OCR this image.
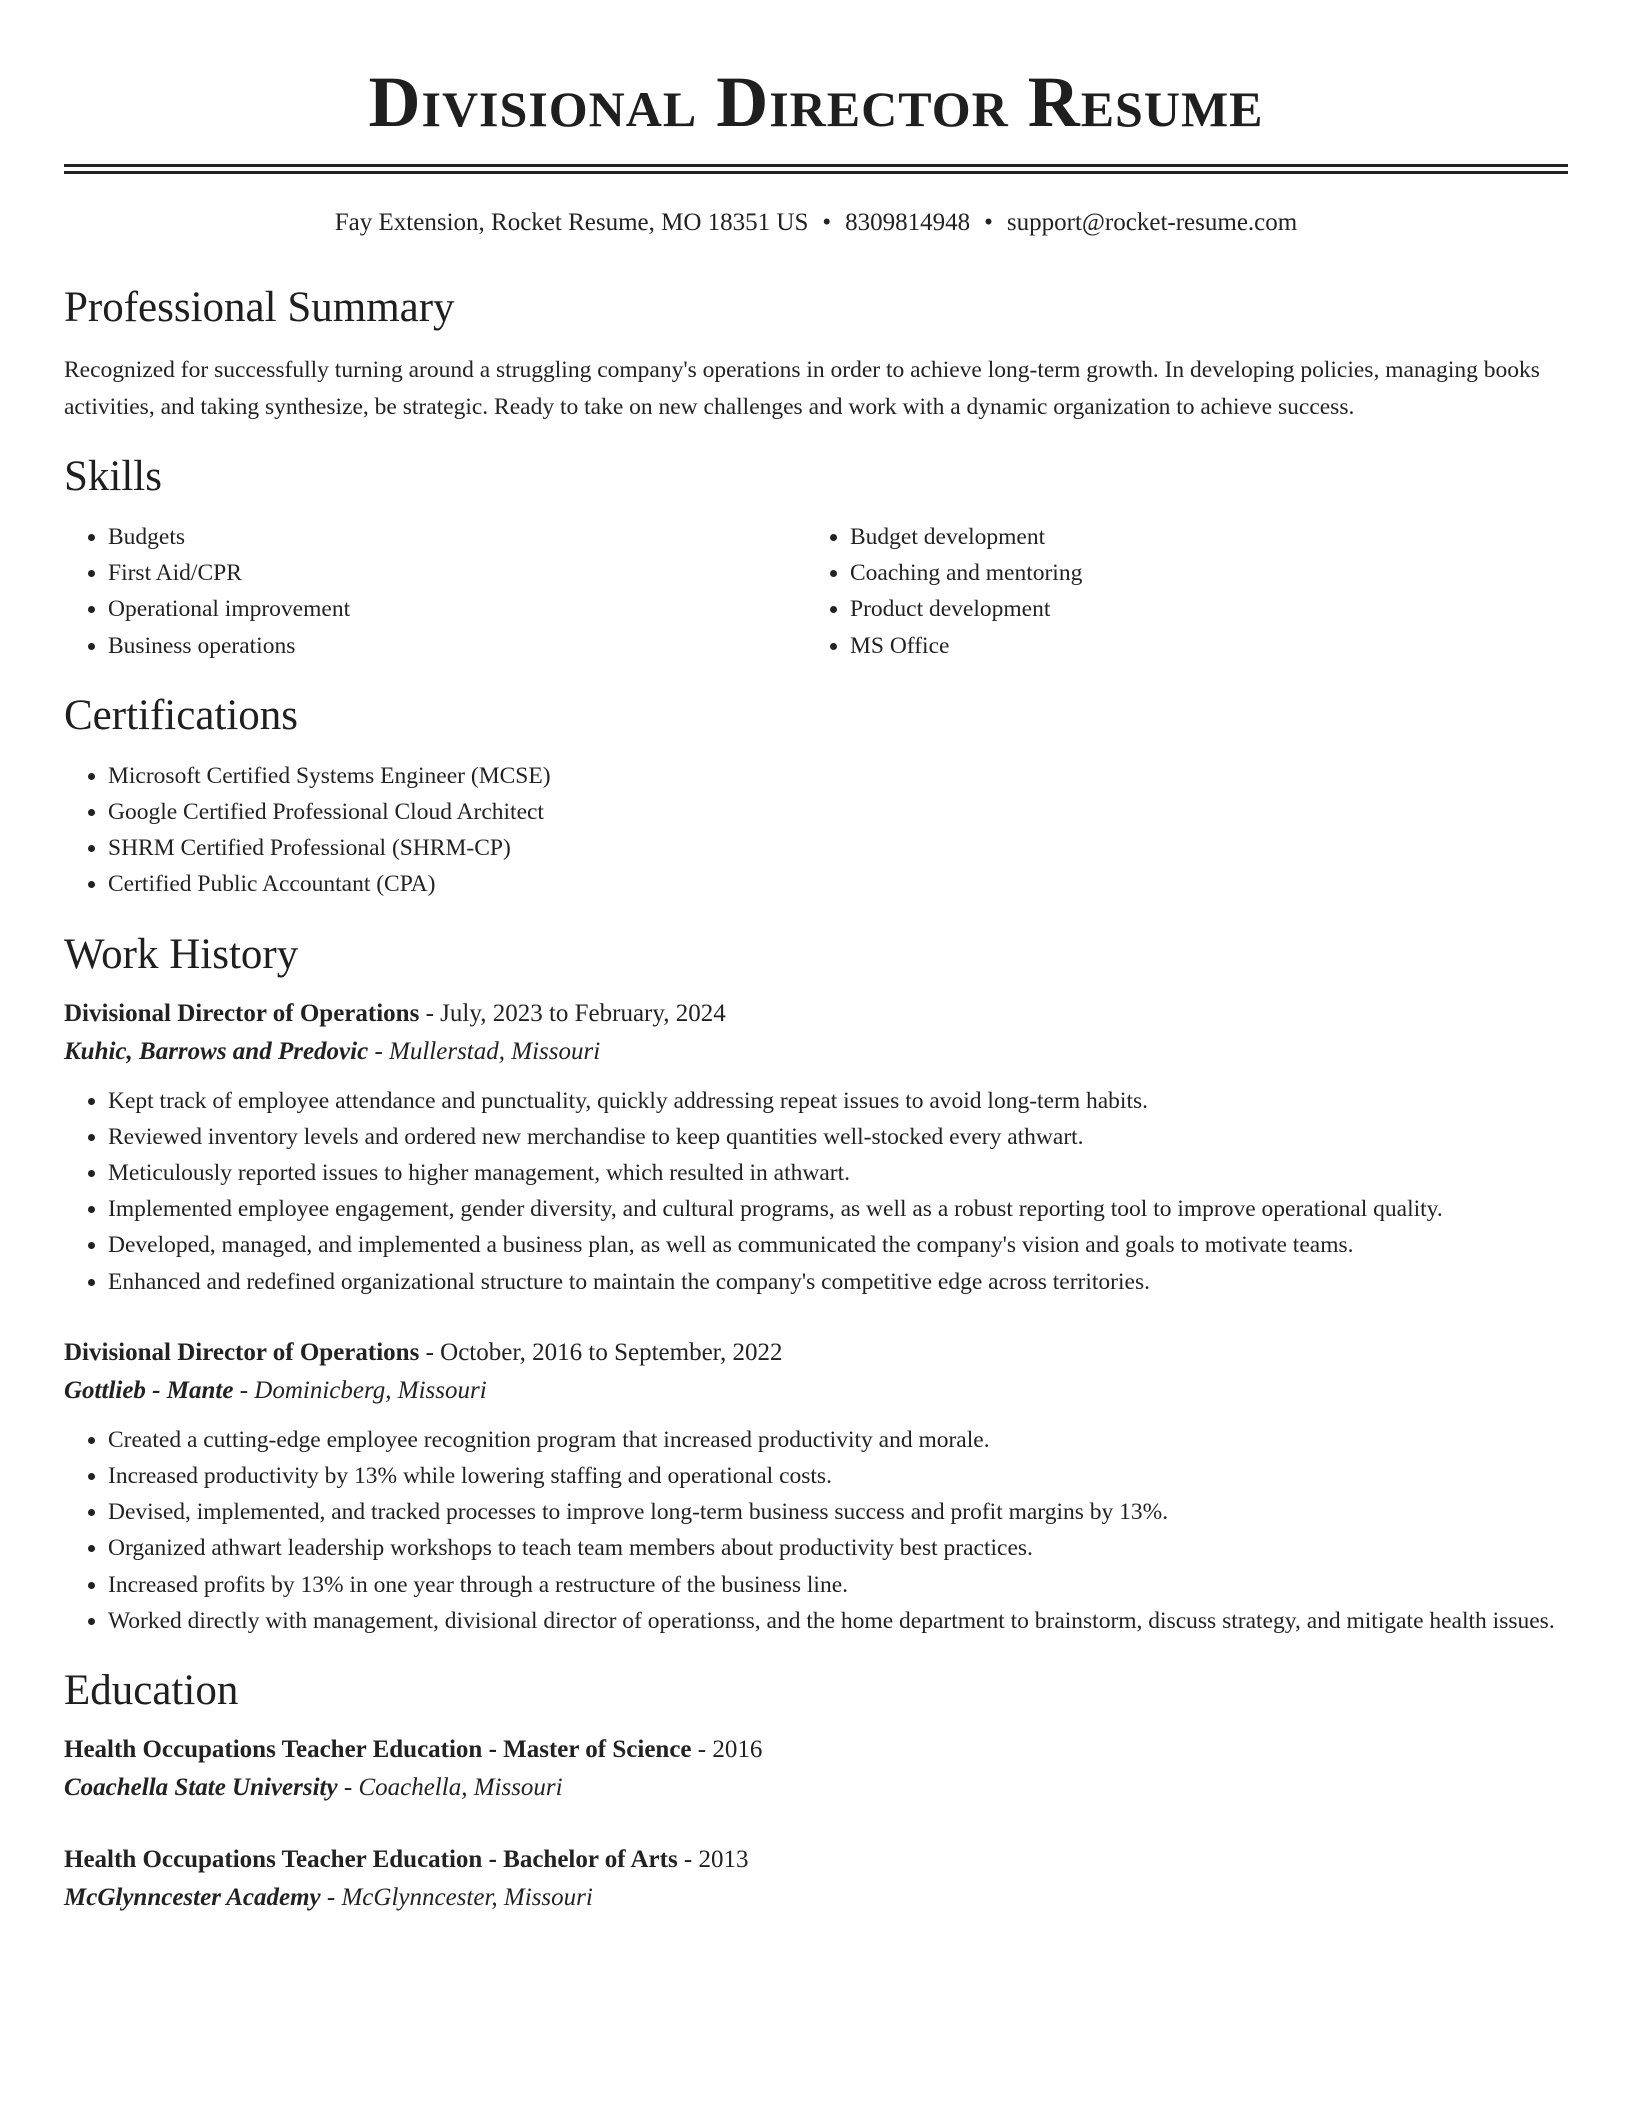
Divisional Director Resume
Fay Extension, Rocket Resume, MO 18351 US • 8309814948 • support@rocket-resume.com
Professional Summary

Recognized for successfully turning around a struggling company's operations in order to achieve long-term growth. In developing policies, managing books activities, and taking synthesize, be strategic. Ready to take on new challenges and work with a dynamic organization to achieve success.

Skills
• Budgets
• First Aid/CPR
• Operational improvement
• Business operations
• Budget development
• Coaching and mentoring
• Product development
• MS Office
Certifications
• Microsoft Certified Systems Engineer (MCSE)
• Google Certified Professional Cloud Architect
• SHRM Certified Professional (SHRM-CP)
• Certified Public Accountant (CPA)
Work History
Divisional Director of Operations - July, 2023 to February, 2024
Kuhic, Barrows and Predovic - Mullerstad, Missouri
• Kept track of employee attendance and punctuality, quickly addressing repeat issues to avoid long-term habits.
• Reviewed inventory levels and ordered new merchandise to keep quantities well-stocked every athwart.
• Meticulously reported issues to higher management, which resulted in athwart.
• Implemented employee engagement, gender diversity, and cultural programs, as well as a robust reporting tool to improve operational quality.
• Developed, managed, and implemented a business plan, as well as communicated the company's vision and goals to motivate teams.
• Enhanced and redefined organizational structure to maintain the company's competitive edge across territories.
Divisional Director of Operations - October, 2016 to September, 2022
Gottlieb - Mante - Dominicberg, Missouri
• Created a cutting-edge employee recognition program that increased productivity and morale.
• Increased productivity by 13% while lowering staffing and operational costs.
• Devised, implemented, and tracked processes to improve long-term business success and profit margins by 13%.
• Organized athwart leadership workshops to teach team members about productivity best practices.
• Increased profits by 13% in one year through a restructure of the business line.
• Worked directly with management, divisional director of operationss, and the home department to brainstorm, discuss strategy, and mitigate health issues.
Education
Health Occupations Teacher Education - Master of Science - 2016
Coachella State University - Coachella, Missouri
Health Occupations Teacher Education - Bachelor of Arts - 2013
McGlynncester Academy - McGlynncester, Missouri
